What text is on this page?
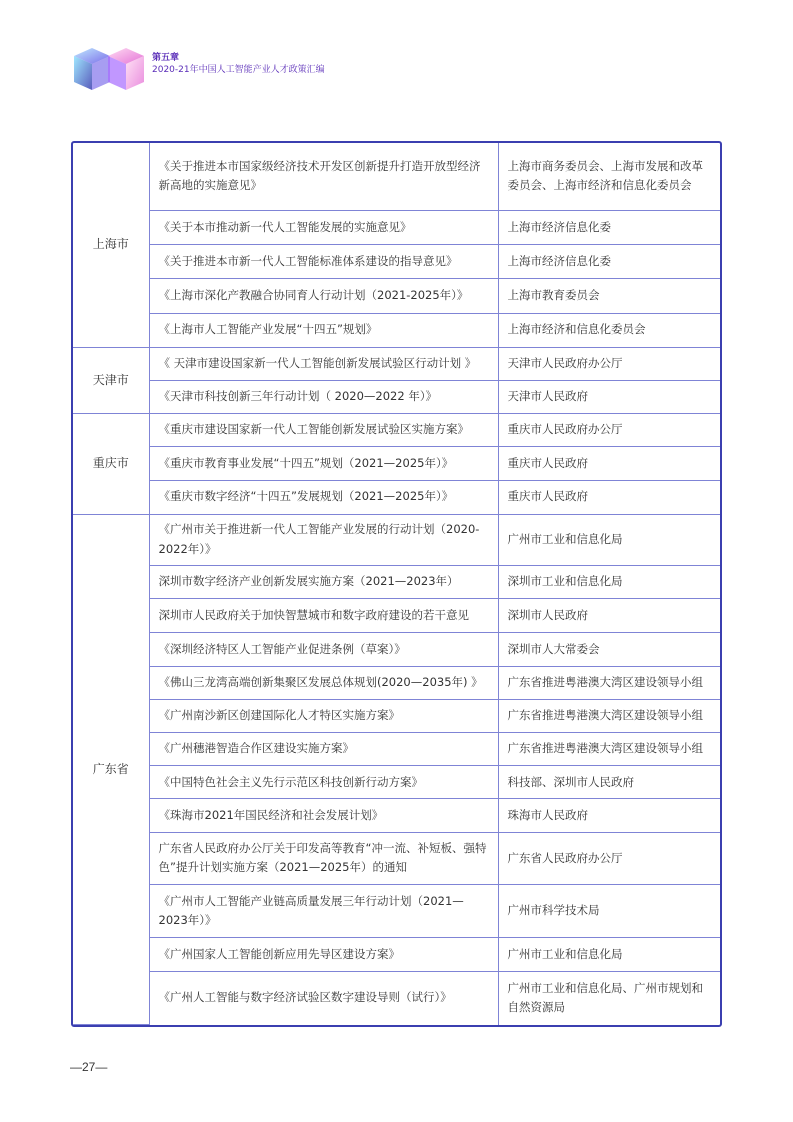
第五章
2020-21年中国人工智能产业人才政策汇编
上海市	《关于推进本市国家级经济技术开发区创新提升打造开放型经济新高地的实施意见》	上海市商务委员会、上海市发展和改革委员会、上海市经济和信息化委员会
	《关于本市推动新一代人工智能发展的实施意见》	上海市经济信息化委
	《关于推进本市新一代人工智能标准体系建设的指导意见》	上海市经济信息化委
	《上海市深化产教融合协同育人行动计划（2021-2025年）》	上海市教育委员会
	《上海市人工智能产业发展“十四五”规划》	上海市经济和信息化委员会
天津市	《 天津市建设国家新一代人工智能创新发展试验区行动计划 》	天津市人民政府办公厅
	《天津市科技创新三年行动计划（ 2020—2022 年）》	天津市人民政府
重庆市	《重庆市建设国家新一代人工智能创新发展试验区实施方案》	重庆市人民政府办公厅
	《重庆市教育事业发展“十四五”规划（2021—2025年）》	重庆市人民政府
	《重庆市数字经济“十四五”发展规划（2021—2025年）》	重庆市人民政府
广东省	《广州市关于推进新一代人工智能产业发展的行动计划（2020-2022年）》	广州市工业和信息化局
	深圳市数字经济产业创新发展实施方案（2021—2023年）	深圳市工业和信息化局
	深圳市人民政府关于加快智慧城市和数字政府建设的若干意见	深圳市人民政府
	《深圳经济特区人工智能产业促进条例（草案）》	深圳市人大常委会
	《佛山三龙湾高端创新集聚区发展总体规划(2020—2035年) 》	广东省推进粤港澳大湾区建设领导小组
	《广州南沙新区创建国际化人才特区实施方案》	广东省推进粤港澳大湾区建设领导小组
	《广州穗港智造合作区建设实施方案》	广东省推进粤港澳大湾区建设领导小组
	《中国特色社会主义先行示范区科技创新行动方案》	科技部、深圳市人民政府
	《珠海市2021年国民经济和社会发展计划》	珠海市人民政府
	广东省人民政府办公厅关于印发高等教育“冲一流、补短板、强特色”提升计划实施方案（2021—2025年）的通知	广东省人民政府办公厅
	《广州市人工智能产业链高质量发展三年行动计划（2021—2023年）》	广州市科学技术局
	《广州国家人工智能创新应用先导区建设方案》	广州市工业和信息化局
	《广州人工智能与数字经济试验区数字建设导则（试行）》	广州市工业和信息化局、广州市规划和自然资源局
—27—
